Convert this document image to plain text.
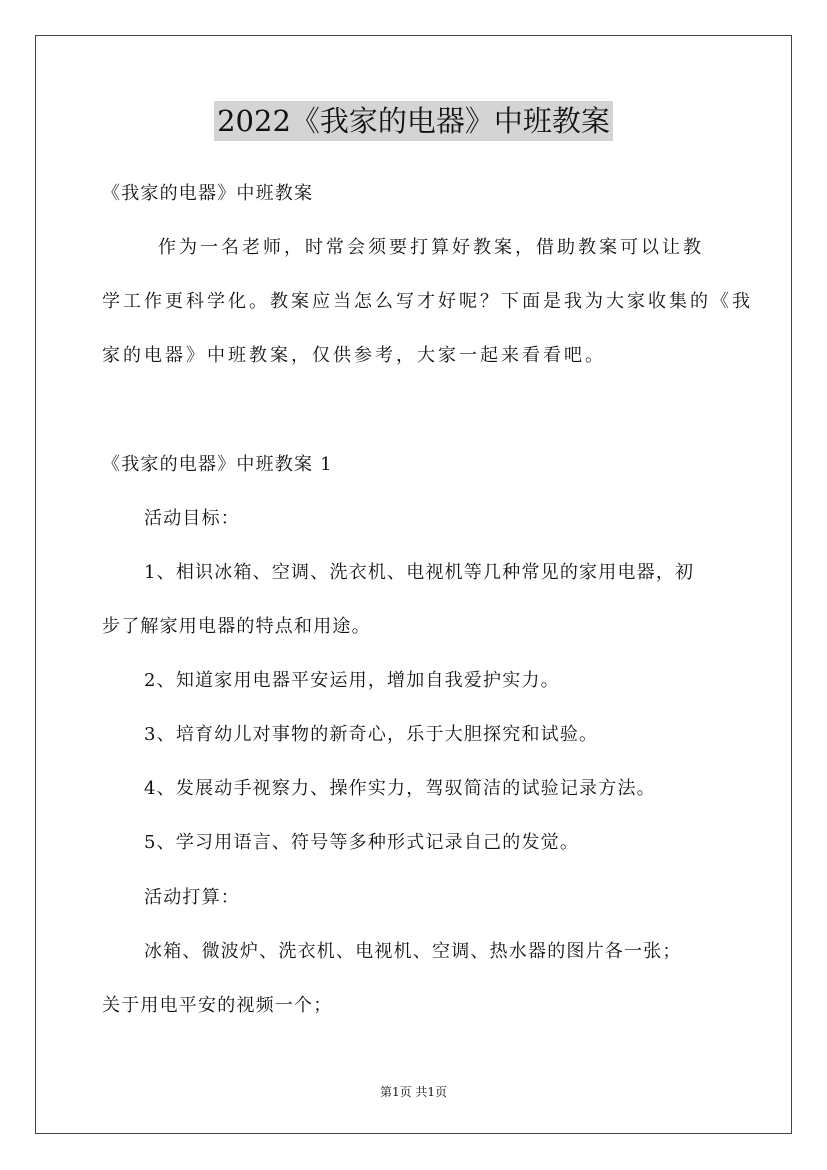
2022《我家的电器》中班教案
《我家的电器》中班教案
作为一名老师，时常会须要打算好教案，借助教案可以让教
学工作更科学化。教案应当怎么写才好呢？下面是我为大家收集的《我
家的电器》中班教案，仅供参考，大家一起来看看吧。
《我家的电器》中班教案 1
活动目标：
1、相识冰箱、空调、洗衣机、电视机等几种常见的家用电器，初
步了解家用电器的特点和用途。
2、知道家用电器平安运用，增加自我爱护实力。
3、培育幼儿对事物的新奇心，乐于大胆探究和试验。
4、发展动手视察力、操作实力，驾驭简洁的试验记录方法。
5、学习用语言、符号等多种形式记录自己的发觉。
活动打算：
冰箱、微波炉、洗衣机、电视机、空调、热水器的图片各一张；
关于用电平安的视频一个；
第1页 共1页
